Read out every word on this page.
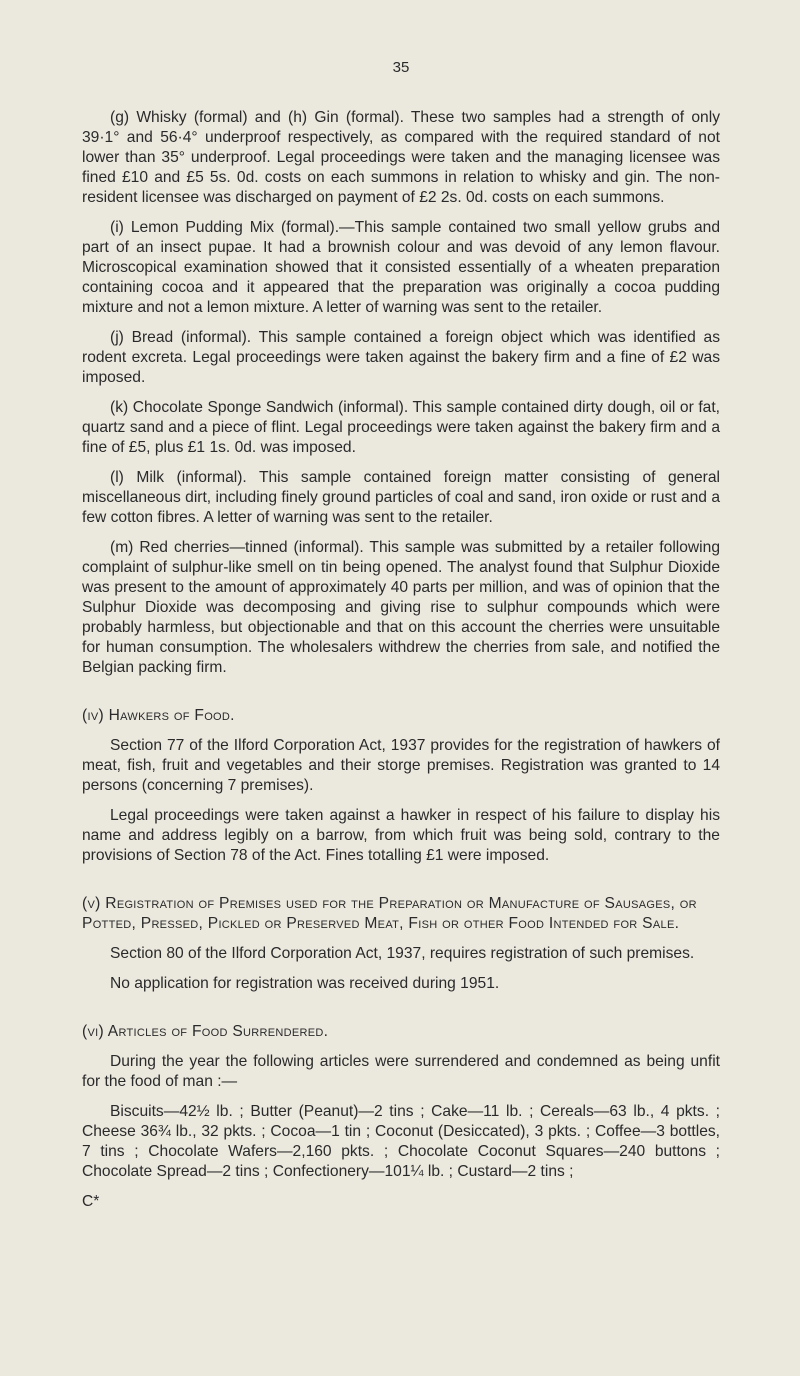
35

(g) Whisky (formal) and (h) Gin (formal). These two samples had a strength of only 39·1° and 56·4° underproof respectively, as compared with the required standard of not lower than 35° underproof. Legal proceedings were taken and the managing licensee was fined £10 and £5 5s. 0d. costs on each summons in relation to whisky and gin. The non-resident licensee was discharged on payment of £2 2s. 0d. costs on each summons.

(i) Lemon Pudding Mix (formal).—This sample contained two small yellow grubs and part of an insect pupae. It had a brownish colour and was devoid of any lemon flavour. Microscopical examination showed that it consisted essentially of a wheaten preparation containing cocoa and it appeared that the preparation was originally a cocoa pudding mixture and not a lemon mixture. A letter of warning was sent to the retailer.

(j) Bread (informal). This sample contained a foreign object which was identified as rodent excreta. Legal proceedings were taken against the bakery firm and a fine of £2 was imposed.

(k) Chocolate Sponge Sandwich (informal). This sample contained dirty dough, oil or fat, quartz sand and a piece of flint. Legal proceedings were taken against the bakery firm and a fine of £5, plus £1 1s. 0d. was imposed.

(l) Milk (informal). This sample contained foreign matter consisting of general miscellaneous dirt, including finely ground particles of coal and sand, iron oxide or rust and a few cotton fibres. A letter of warning was sent to the retailer.

(m) Red cherries—tinned (informal). This sample was submitted by a retailer following complaint of sulphur-like smell on tin being opened. The analyst found that Sulphur Dioxide was present to the amount of approximately 40 parts per million, and was of opinion that the Sulphur Dioxide was decomposing and giving rise to sulphur compounds which were probably harmless, but objectionable and that on this account the cherries were unsuitable for human consumption. The wholesalers withdrew the cherries from sale, and notified the Belgian packing firm.

(iv) Hawkers of Food.

Section 77 of the Ilford Corporation Act, 1937 provides for the registration of hawkers of meat, fish, fruit and vegetables and their storge premises. Registration was granted to 14 persons (concerning 7 premises).

Legal proceedings were taken against a hawker in respect of his failure to display his name and address legibly on a barrow, from which fruit was being sold, contrary to the provisions of Section 78 of the Act. Fines totalling £1 were imposed.

(v) Registration of Premises used for the Preparation or Manufacture of Sausages, or Potted, Pressed, Pickled or Preserved Meat, Fish or other Food Intended for Sale.

Section 80 of the Ilford Corporation Act, 1937, requires registration of such premises.

No application for registration was received during 1951.

(vi) Articles of Food Surrendered.

During the year the following articles were surrendered and condemned as being unfit for the food of man :—

Biscuits—42½ lb. ; Butter (Peanut)—2 tins ; Cake—11 lb. ; Cereals—63 lb., 4 pkts. ; Cheese 36¾ lb., 32 pkts. ; Cocoa—1 tin ; Coconut (Desiccated), 3 pkts. ; Coffee—3 bottles, 7 tins ; Chocolate Wafers—2,160 pkts. ; Chocolate Coconut Squares—240 buttons ; Chocolate Spread—2 tins ; Confectionery—101¼ lb. ; Custard—2 tins ;

C*
